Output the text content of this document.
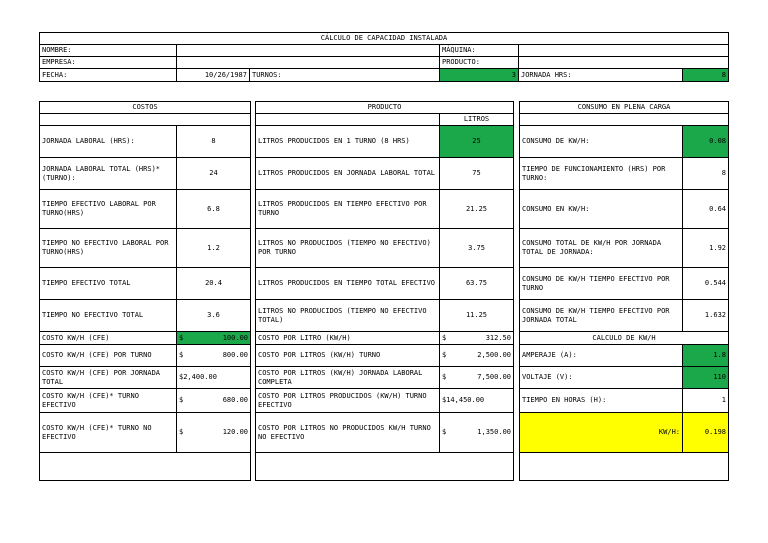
CÁLCULO DE CAPACIDAD INSTALADA					
NOMBRE:			MÁQUINA:		
EMPRESA:			PRODUCTO:		
FECHA:	10/26/1987	TURNOS:	3	JORNADA HRS:	8
COSTOS	

JORNADA LABORAL (HRS):	8
JORNADA LABORAL TOTAL (HRS)*(TURNO):	24
TIEMPO EFECTIVO LABORAL POR TURNO(HRS)	6.8
TIEMPO NO EFECTIVO LABORAL POR TURNO(HRS)	1.2
TIEMPO EFECTIVO TOTAL	20.4
TIEMPO NO EFECTIVO TOTAL	3.6
COSTO KW/H (CFE)	$ 100.00

COSTO KW/H (CFE) POR TURNO	$ 800.00

COSTO KW/H (CFE) POR JORNADA TOTAL	$2,400.00

COSTO KW/H (CFE)* TURNO EFECTIVO	$ 680.00

COSTO KW/H (CFE)* TURNO NO EFECTIVO	$ 120.00

PRODUCTO	
	LITROS
LITROS PRODUCIDOS EN 1 TURNO (8 HRS)	25
LITROS PRODUCIDOS EN JORNADA LABORAL TOTAL	75
LITROS PRODUCIDOS EN TIEMPO EFECTIVO POR TURNO	21.25
LITROS NO PRODUCIDOS (TIEMPO NO EFECTIVO) POR TURNO	3.75
LITROS PRODUCIDOS EN TIEMPO TOTAL EFECTIVO	63.75
LITROS NO PRODUCIDOS (TIEMPO NO EFECTIVO TOTAL)	11.25
COSTO POR LITRO (KW/H)	$ 312.50

COSTO POR LITROS (KW/H) TURNO	$ 2,500.00

COSTO POR LITROS (KW/H) JORNADA LABORAL COMPLETA	$ 7,500.00

COSTO POR LITROS PRODUCIDOS (KW/H) TURNO EFECTIVO	$14,450.00

COSTO POR LITROS NO PRODUCIDOS KW/H TURNO NO EFECTIVO	$ 1,350.00

CONSUMO EN PLENA CARGA	

CONSUMO DE KW/H:	0.08
TIEMPO DE FUNCIONAMIENTO (HRS) POR TURNO:	8
CONSUMO EN KW/H:	0.64
CONSUMO TOTAL DE KW/H POR JORNADA TOTAL DE JORNADA:	1.92
CONSUMO DE KW/H TIEMPO EFECTIVO POR TURNO	0.544
CONSUMO DE KW/H TIEMPO EFECTIVO POR JORNADA TOTAL	1.632
CALCULO DE KW/H	
AMPERAJE (A):	1.8
VOLTAJE (V):	110
TIEMPO EN HORAS (H):	1
KW/H:	0.198
